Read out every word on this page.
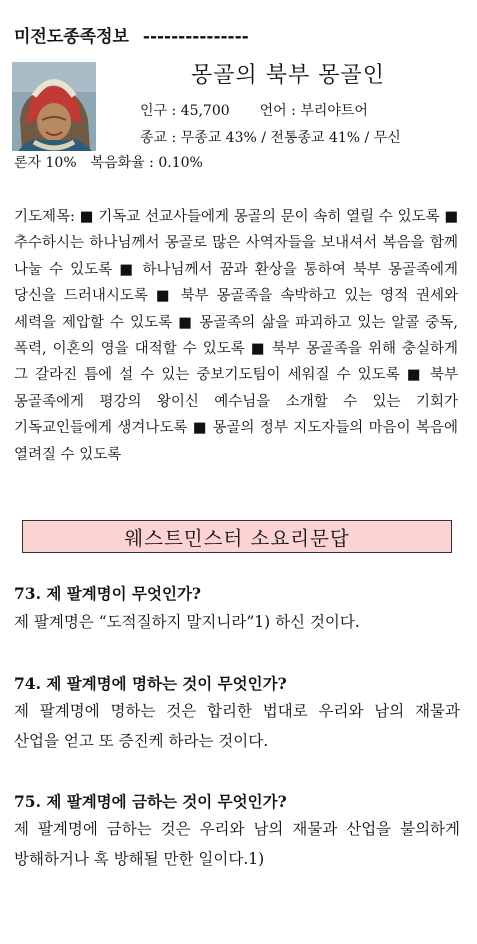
미전도종족정보 ---------------
몽골의 북부 몽골인
인구 : 45,700 언어 : 부리야트어
종교 : 무종교 43% / 전통종교 41% / 무신
론자 10% 복음화율 : 0.10%
기도제목: ■ 기독교 선교사들에게 몽골의 문이 속히 열릴 수 있도록 ■ 추수하시는 하나님께서 몽골로 많은 사역자들을 보내셔서 복음을 함께 나눌 수 있도록 ■ 하나님께서 꿈과 환상을 통하여 북부 몽골족에게 당신을 드러내시도록 ■ 북부 몽골족을 속박하고 있는 영적 권세와 세력을 제압할 수 있도록 ■ 몽골족의 삶을 파괴하고 있는 알콜 중독, 폭력, 이혼의 영을 대적할 수 있도록 ■ 북부 몽골족을 위해 충실하게 그 갈라진 틈에 설 수 있는 중보기도팀이 세워질 수 있도록 ■ 북부 몽골족에게 평강의 왕이신 예수님을 소개할 수 있는 기회가 기독교인들에게 생겨나도록 ■ 몽골의 정부 지도자들의 마음이 복음에 열려질 수 있도록
웨스트민스터 소요리문답
73. 제 팔계명이 무엇인가?
제 팔계명은 “도적질하지 말지니라”1) 하신 것이다.
74. 제 팔계명에 명하는 것이 무엇인가?
제 팔계명에 명하는 것은 합리한 법대로 우리와 남의 재물과 산업을 얻고 또 증진케 하라는 것이다.
75. 제 팔계명에 금하는 것이 무엇인가?
제 팔계명에 금하는 것은 우리와 남의 재물과 산업을 불의하게 방해하거나 혹 방해될 만한 일이다.1)
